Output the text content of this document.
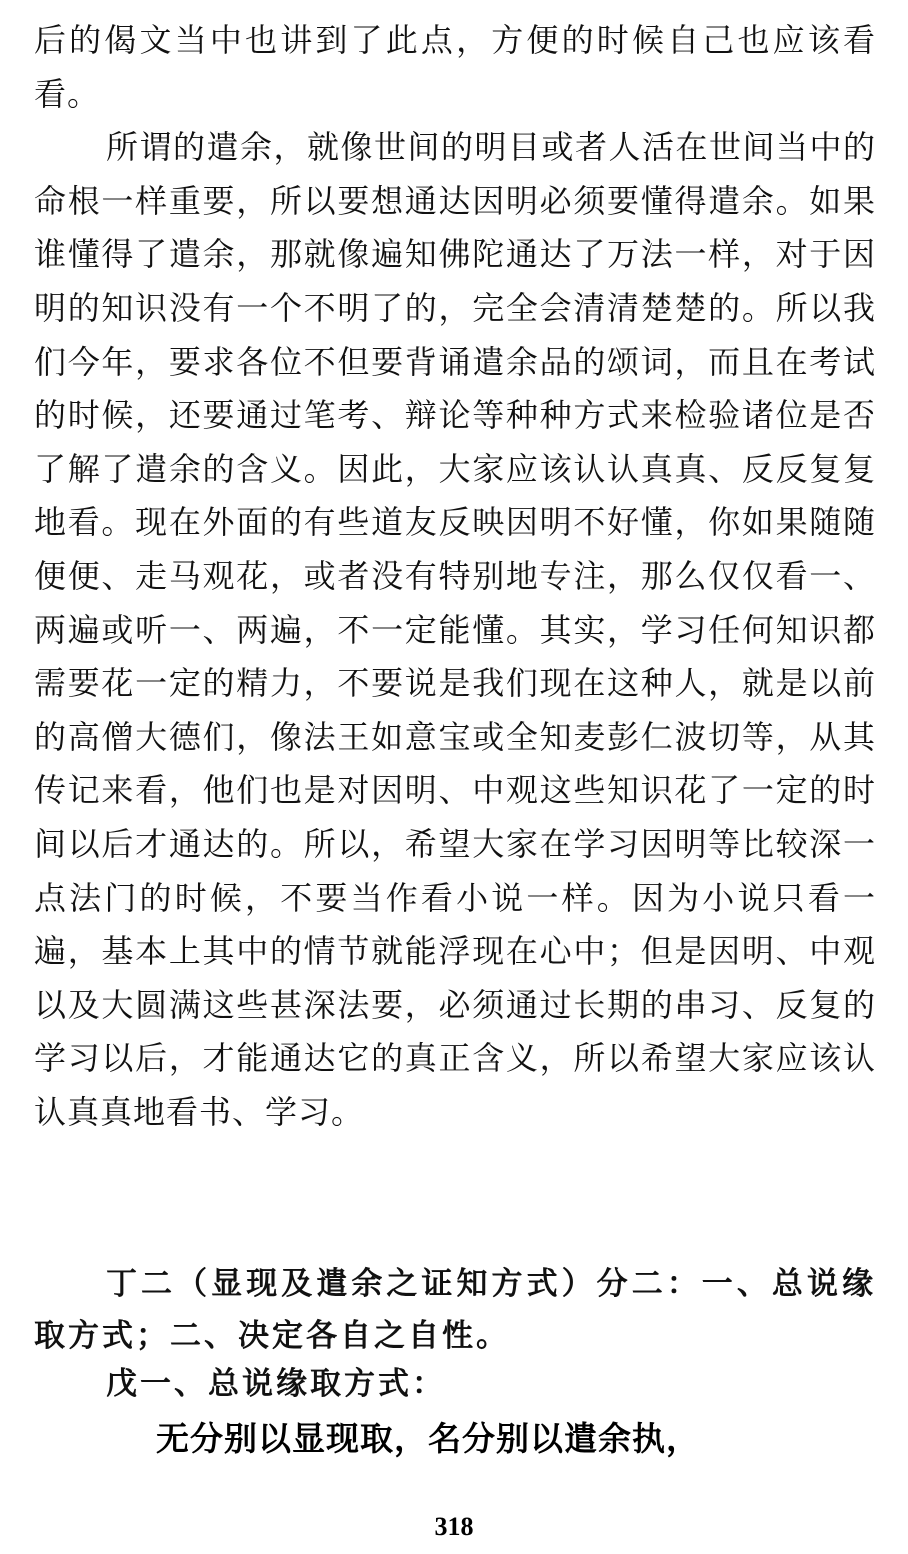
后的偈文当中也讲到了此点，方便的时候自己也应该看看。

所谓的遣余，就像世间的明目或者人活在世间当中的命根一样重要，所以要想通达因明必须要懂得遣余。如果谁懂得了遣余，那就像遍知佛陀通达了万法一样，对于因明的知识没有一个不明了的，完全会清清楚楚的。所以我们今年，要求各位不但要背诵遣余品的颂词，而且在考试的时候，还要通过笔考、辩论等种种方式来检验诸位是否了解了遣余的含义。因此，大家应该认认真真、反反复复地看。现在外面的有些道友反映因明不好懂，你如果随随便便、走马观花，或者没有特别地专注，那么仅仅看一、两遍或听一、两遍，不一定能懂。其实，学习任何知识都需要花一定的精力，不要说是我们现在这种人，就是以前的高僧大德们，像法王如意宝或全知麦彭仁波切等，从其传记来看，他们也是对因明、中观这些知识花了一定的时间以后才通达的。所以，希望大家在学习因明等比较深一点法门的时候，不要当作看小说一样。因为小说只看一遍，基本上其中的情节就能浮现在心中；但是因明、中观以及大圆满这些甚深法要，必须通过长期的串习、反复的学习以后，才能通达它的真正含义，所以希望大家应该认认真真地看书、学习。

丁二（显现及遣余之证知方式）分二：一、总说缘取方式；二、决定各自之自性。
戊一、总说缘取方式：
无分别以显现取，名分别以遣余执，
318
